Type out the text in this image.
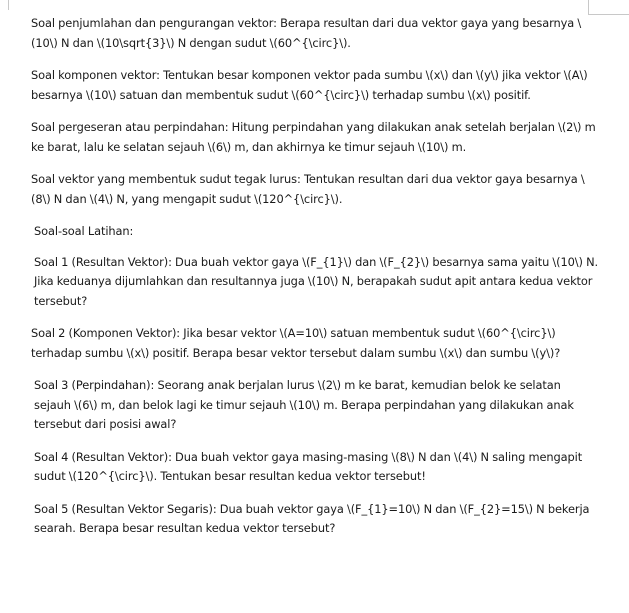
Soal penjumlahan dan pengurangan vektor: Berapa resultan dari dua vektor gaya yang besarnya \(10\) N dan \(10\sqrt{3}\) N dengan sudut \(60^{\circ}\).

Soal komponen vektor: Tentukan besar komponen vektor pada sumbu \(x\) dan \(y\) jika vektor \(A\) besarnya \(10\) satuan dan membentuk sudut \(60^{\circ}\) terhadap sumbu \(x\) positif.

Soal pergeseran atau perpindahan: Hitung perpindahan yang dilakukan anak setelah berjalan \(2\) m ke barat, lalu ke selatan sejauh \(6\) m, dan akhirnya ke timur sejauh \(10\) m.

Soal vektor yang membentuk sudut tegak lurus: Tentukan resultan dari dua vektor gaya besarnya \(8\) N dan \(4\) N, yang mengapit sudut \(120^{\circ}\).

Soal-soal Latihan:

Soal 1 (Resultan Vektor): Dua buah vektor gaya \(F_{1}\) dan \(F_{2}\) besarnya sama yaitu \(10\) N. Jika keduanya dijumlahkan dan resultannya juga \(10\) N, berapakah sudut apit antara kedua vektor tersebut?

Soal 2 (Komponen Vektor): Jika besar vektor \(A=10\) satuan membentuk sudut \(60^{\circ}\) terhadap sumbu \(x\) positif. Berapa besar vektor tersebut dalam sumbu \(x\) dan sumbu \(y\)?

Soal 3 (Perpindahan): Seorang anak berjalan lurus \(2\) m ke barat, kemudian belok ke selatan sejauh \(6\) m, dan belok lagi ke timur sejauh \(10\) m. Berapa perpindahan yang dilakukan anak tersebut dari posisi awal?

Soal 4 (Resultan Vektor): Dua buah vektor gaya masing-masing \(8\) N dan \(4\) N saling mengapit sudut \(120^{\circ}\). Tentukan besar resultan kedua vektor tersebut!

Soal 5 (Resultan Vektor Segaris): Dua buah vektor gaya \(F_{1}=10\) N dan \(F_{2}=15\) N bekerja searah. Berapa besar resultan kedua vektor tersebut?
